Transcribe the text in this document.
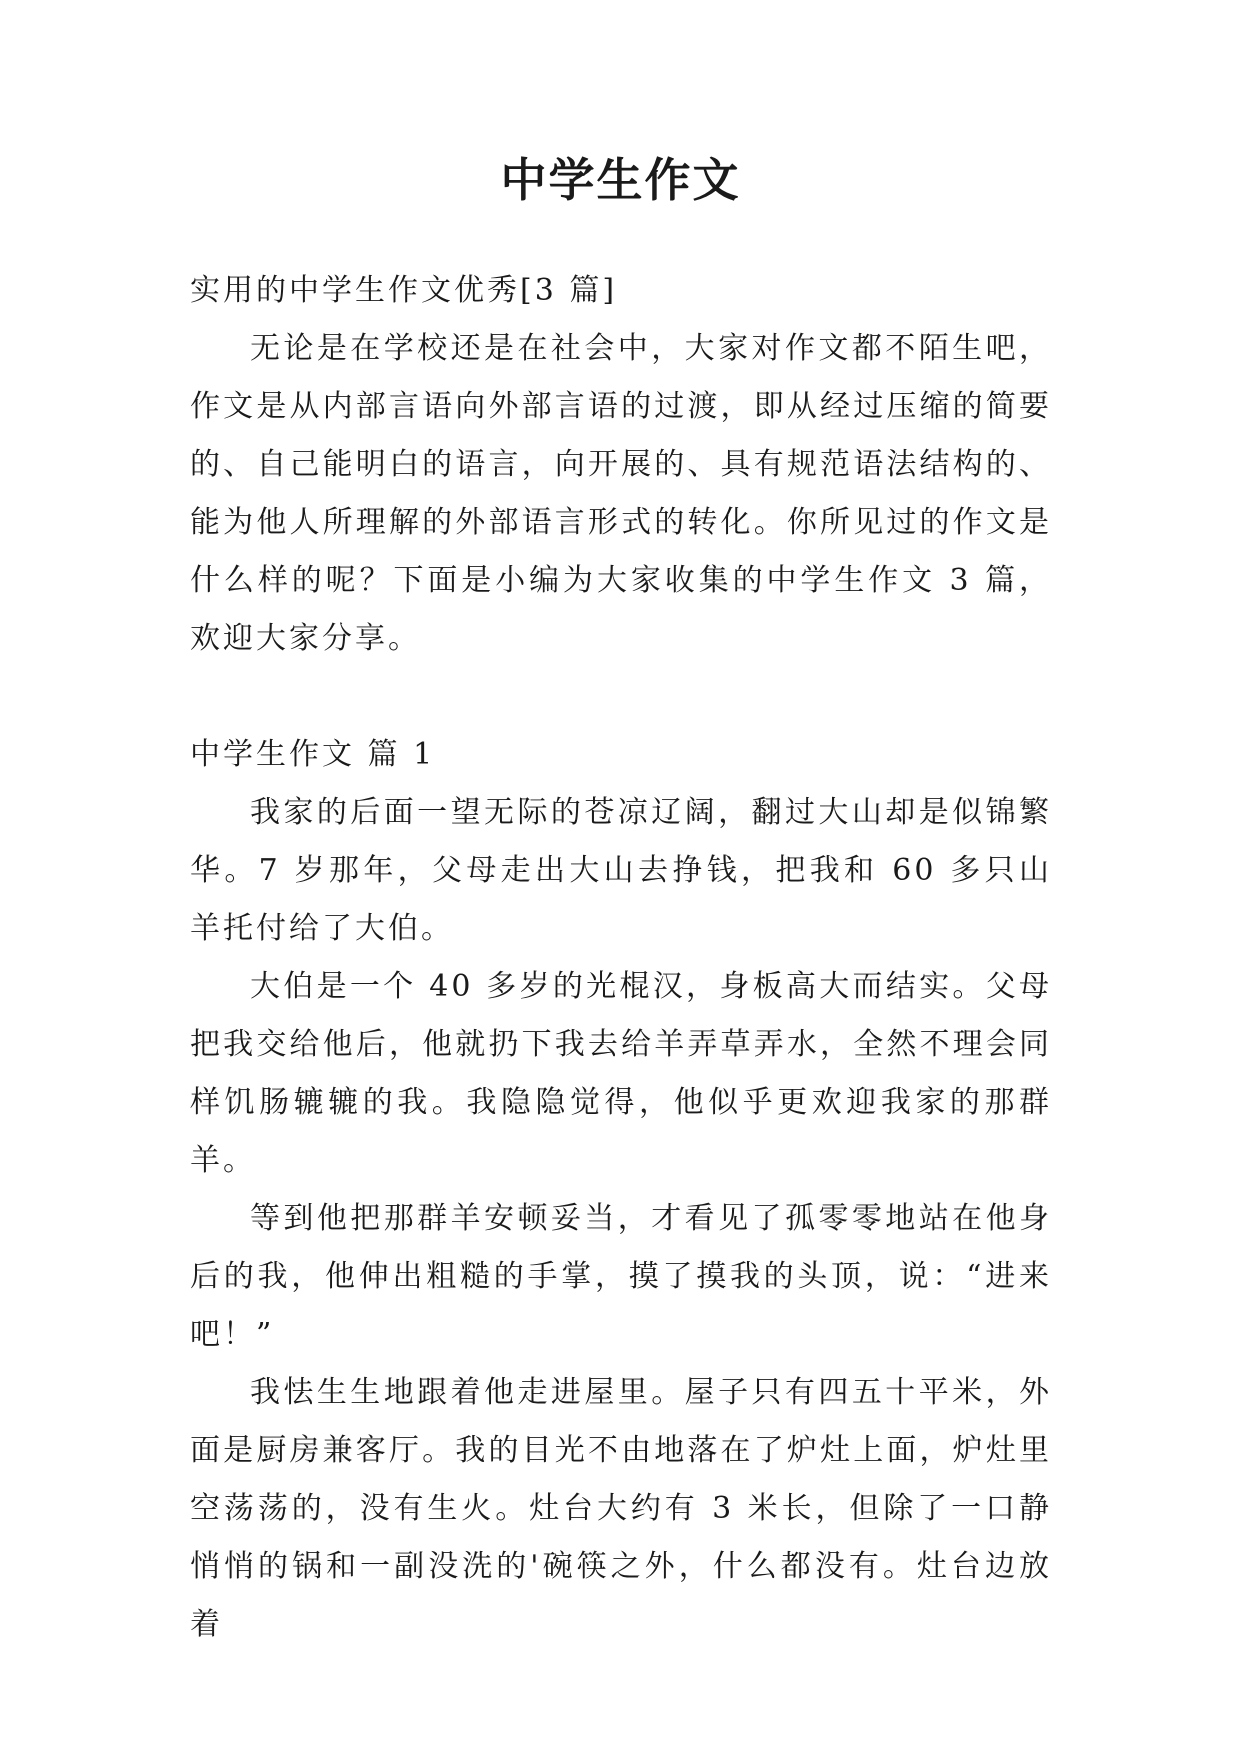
中学生作文

实用的中学生作文优秀[3 篇]

无论是在学校还是在社会中，大家对作文都不陌生吧，作文是从内部言语向外部言语的过渡，即从经过压缩的简要的、自己能明白的语言，向开展的、具有规范语法结构的、能为他人所理解的外部语言形式的转化。你所见过的作文是什么样的呢？下面是小编为大家收集的中学生作文 3 篇，欢迎大家分享。

中学生作文 篇 1

我家的后面一望无际的苍凉辽阔，翻过大山却是似锦繁华。7 岁那年，父母走出大山去挣钱，把我和 60 多只山羊托付给了大伯。

大伯是一个 40 多岁的光棍汉，身板高大而结实。父母把我交给他后，他就扔下我去给羊弄草弄水，全然不理会同样饥肠辘辘的我。我隐隐觉得，他似乎更欢迎我家的那群羊。

等到他把那群羊安顿妥当，才看见了孤零零地站在他身后的我，他伸出粗糙的手掌，摸了摸我的头顶，说：“进来吧！”

我怯生生地跟着他走进屋里。屋子只有四五十平米，外面是厨房兼客厅。我的目光不由地落在了炉灶上面，炉灶里空荡荡的，没有生火。灶台大约有 3 米长，但除了一口静悄悄的锅和一副没洗的'碗筷之外，什么都没有。灶台边放着
